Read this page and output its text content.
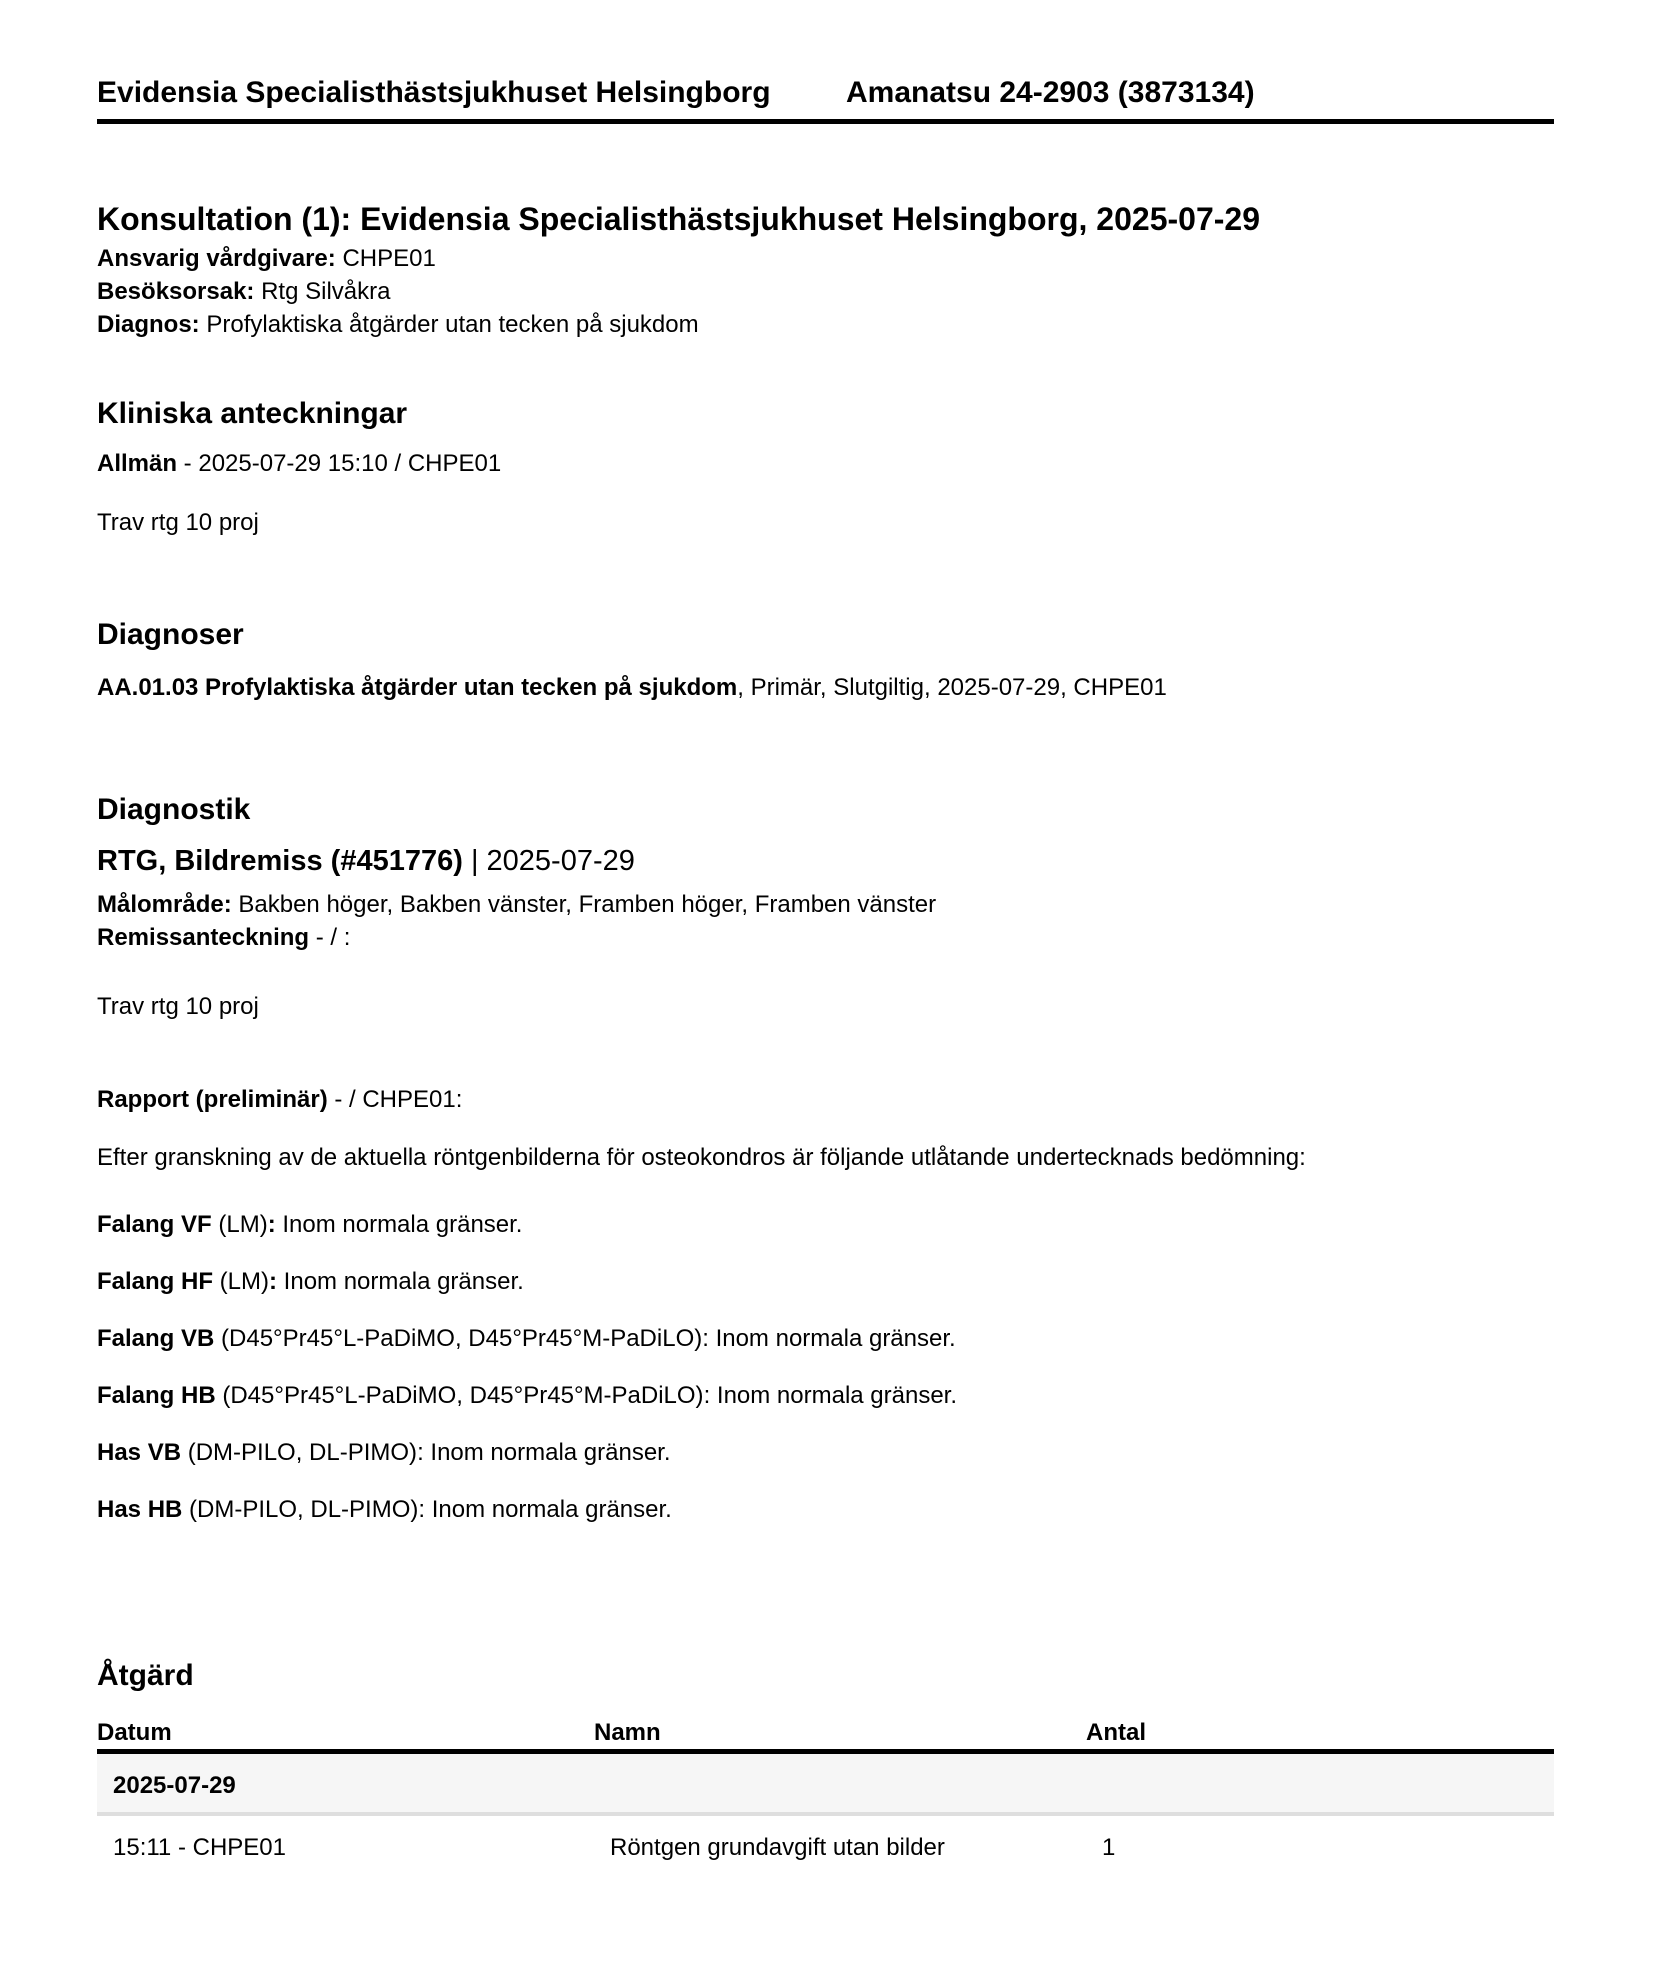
Evidensia Specialisthästsjukhuset Helsingborg	Amanatsu 24-2903 (3873134)
Konsultation (1): Evidensia Specialisthästsjukhuset Helsingborg, 2025-07-29

Ansvarig vårdgivare: CHPE01

Besöksorsak: Rtg Silvåkra

Diagnos: Profylaktiska åtgärder utan tecken på sjukdom

Kliniska anteckningar

Allmän - 2025-07-29 15:10 / CHPE01

Trav rtg 10 proj

Diagnoser

AA.01.03 Profylaktiska åtgärder utan tecken på sjukdom, Primär, Slutgiltig, 2025-07-29, CHPE01

Diagnostik
RTG, Bildremiss (#451776) | 2025-07-29

Målområde: Bakben höger, Bakben vänster, Framben höger, Framben vänster

Remissanteckning - / :

Trav rtg 10 proj

Rapport (preliminär) - / CHPE01:

Efter granskning av de aktuella röntgenbilderna för osteokondros är följande utlåtande undertecknads bedömning:

Falang VF (LM): Inom normala gränser.

Falang HF (LM): Inom normala gränser.

Falang VB (D45°Pr45°L-PaDiMO, D45°Pr45°M-PaDiLO): Inom normala gränser.

Falang HB (D45°Pr45°L-PaDiMO, D45°Pr45°M-PaDiLO): Inom normala gränser.

Has VB (DM-PILO, DL-PIMO): Inom normala gränser.

Has HB (DM-PILO, DL-PIMO): Inom normala gränser.

Åtgärd
Datum	Namn	Antal
2025-07-29
15:11 - CHPE01	Röntgen grundavgift utan bilder	1
